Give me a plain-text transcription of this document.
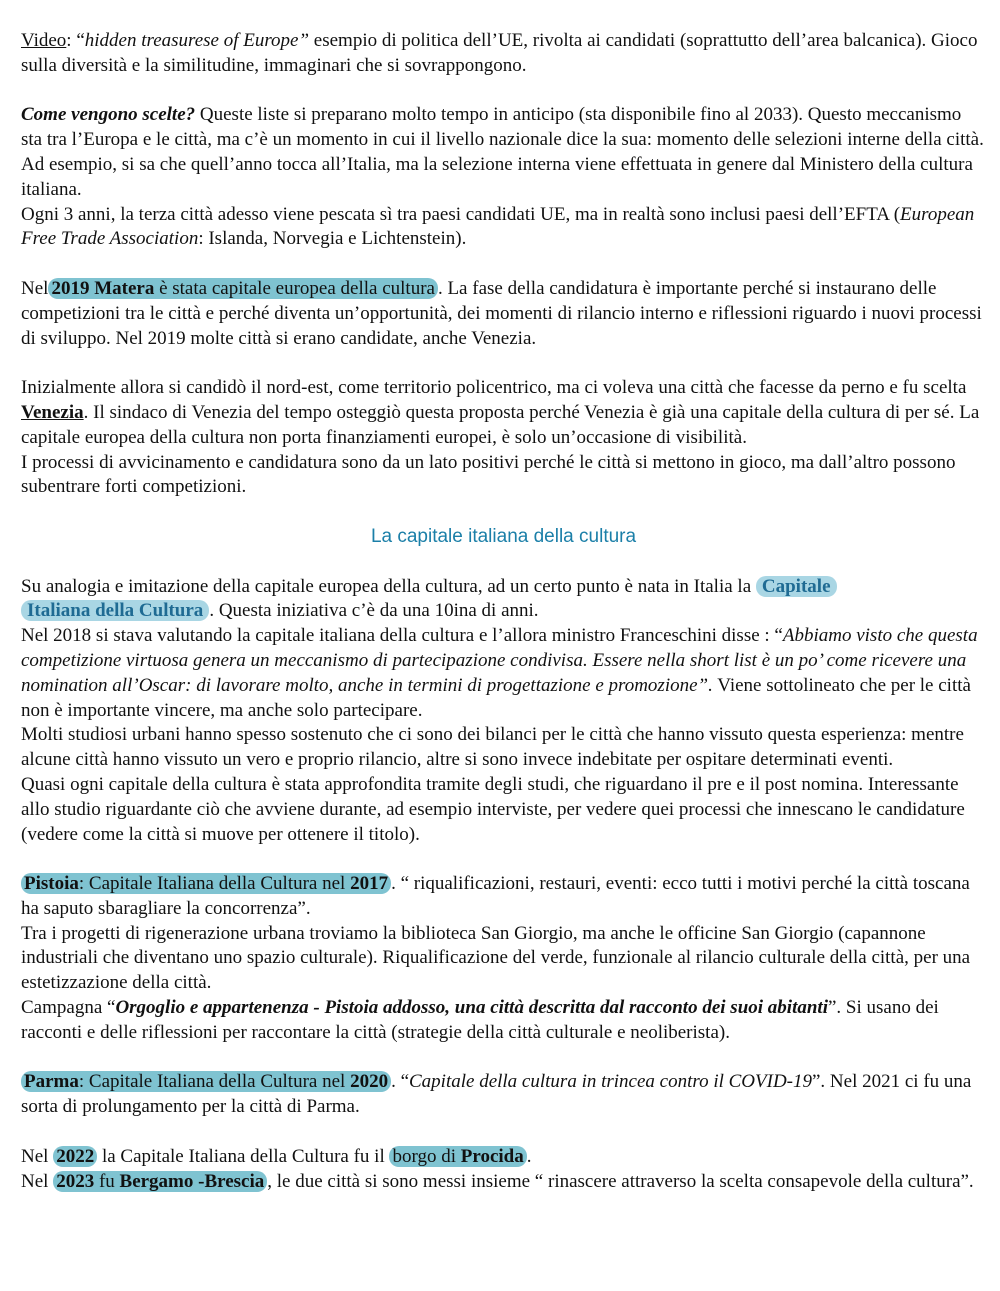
Video: “hidden treasurese of Europe” esempio di politica dell’UE, rivolta ai candidati (soprattutto dell’area balcanica). Gioco sulla diversità e la similitudine, immaginari che si sovrappongono.

Come vengono scelte? Queste liste si preparano molto tempo in anticipo (sta disponibile fino al 2033). Questo meccanismo sta tra l’Europa e le città, ma c’è un momento in cui il livello nazionale dice la sua: momento delle selezioni interne della città. Ad esempio, si sa che quell’anno tocca all’Italia, ma la selezione interna viene effettuata in genere dal Ministero della cultura italiana.
Ogni 3 anni, la terza città adesso viene pescata sì tra paesi candidati UE, ma in realtà sono inclusi paesi dell’EFTA (European Free Trade Association: Islanda, Norvegia e Lichtenstein).

Nel 2019 Matera è stata capitale europea della cultura . La fase della candidatura è importante perché si instaurano delle competizioni tra le città e perché diventa un’opportunità, dei momenti di rilancio interno e riflessioni riguardo i nuovi processi di sviluppo. Nel 2019 molte città si erano candidate, anche Venezia.

Inizialmente allora si candidò il nord-est, come territorio policentrico, ma ci voleva una città che facesse da perno e fu scelta Venezia. Il sindaco di Venezia del tempo osteggiò questa proposta perché Venezia è già una capitale della cultura di per sé. La capitale europea della cultura non porta finanziamenti europei, è solo un’occasione di visibilità.
I processi di avvicinamento e candidatura sono da un lato positivi perché le città si mettono in gioco, ma dall’altro possono subentrare forti competizioni.

La capitale italiana della cultura

Su analogia e imitazione della capitale europea della cultura, ad un certo punto è nata in Italia la Capitale
Italiana della Cultura . Questa iniziativa c’è da una 10ina di anni.
Nel 2018 si stava valutando la capitale italiana della cultura e l’allora ministro Franceschini disse : “Abbiamo visto che questa competizione virtuosa genera un meccanismo di partecipazione condivisa. Essere nella short list è un po’ come ricevere una nomination all’Oscar: di lavorare molto, anche in termini di progettazione e promozione”. Viene sottolineato che per le città non è importante vincere, ma anche solo partecipare.
Molti studiosi urbani hanno spesso sostenuto che ci sono dei bilanci per le città che hanno vissuto questa esperienza: mentre alcune città hanno vissuto un vero e proprio rilancio, altre si sono invece indebitate per ospitare determinati eventi.
Quasi ogni capitale della cultura è stata approfondita tramite degli studi, che riguardano il pre e il post nomina. Interessante allo studio riguardante ciò che avviene durante, ad esempio interviste, per vedere quei processi che innescano le candidature (vedere come la città si muove per ottenere il titolo).

Pistoia: Capitale Italiana della Cultura nel 2017 . “ riqualificazioni, restauri, eventi: ecco tutti i motivi perché la città toscana ha saputo sbaragliare la concorrenza”.
Tra i progetti di rigenerazione urbana troviamo la biblioteca San Giorgio, ma anche le officine San Giorgio (capannone industriali che diventano uno spazio culturale). Riqualificazione del verde, funzionale al rilancio culturale della città, per una estetizzazione della città.
Campagna “Orgoglio e appartenenza - Pistoia addosso, una città descritta dal racconto dei suoi abitanti”. Si usano dei racconti e delle riflessioni per raccontare la città (strategie della città culturale e neoliberista).

Parma: Capitale Italiana della Cultura nel 2020 . “Capitale della cultura in trincea contro il COVID-19”. Nel 2021 ci fu una sorta di prolungamento per la città di Parma.

Nel 2022 la Capitale Italiana della Cultura fu il borgo di Procida .
Nel 2023 fu Bergamo -Brescia , le due città si sono messi insieme “ rinascere attraverso la scelta consapevole della cultura”.
